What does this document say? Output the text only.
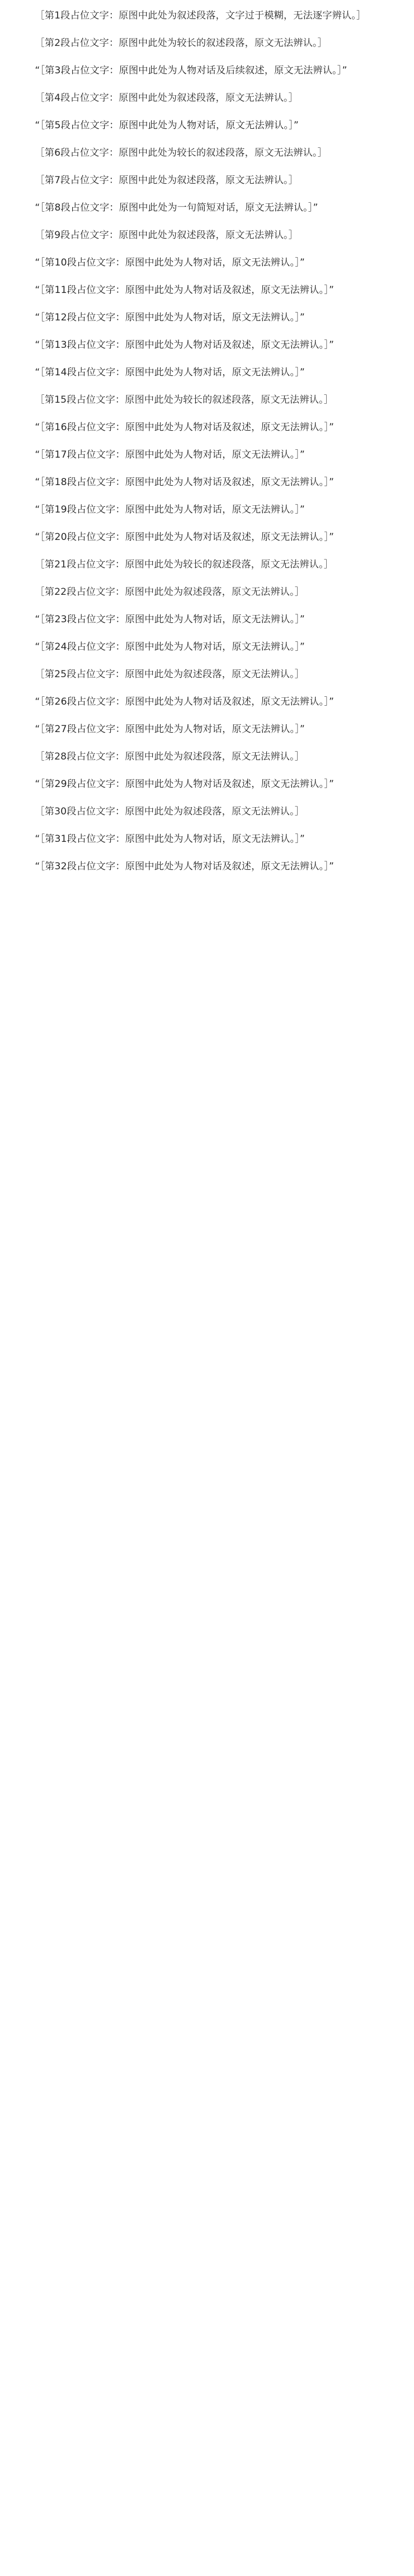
［第1段占位文字：原图中此处为叙述段落，文字过于模糊，无法逐字辨认。］

［第2段占位文字：原图中此处为较长的叙述段落，原文无法辨认。］

“［第3段占位文字：原图中此处为人物对话及后续叙述，原文无法辨认。］”

［第4段占位文字：原图中此处为叙述段落，原文无法辨认。］

“［第5段占位文字：原图中此处为人物对话，原文无法辨认。］”

［第6段占位文字：原图中此处为较长的叙述段落，原文无法辨认。］

［第7段占位文字：原图中此处为叙述段落，原文无法辨认。］

“［第8段占位文字：原图中此处为一句简短对话，原文无法辨认。］”

［第9段占位文字：原图中此处为叙述段落，原文无法辨认。］

“［第10段占位文字：原图中此处为人物对话，原文无法辨认。］”

“［第11段占位文字：原图中此处为人物对话及叙述，原文无法辨认。］”

“［第12段占位文字：原图中此处为人物对话，原文无法辨认。］”

“［第13段占位文字：原图中此处为人物对话及叙述，原文无法辨认。］”

“［第14段占位文字：原图中此处为人物对话，原文无法辨认。］”

［第15段占位文字：原图中此处为较长的叙述段落，原文无法辨认。］

“［第16段占位文字：原图中此处为人物对话及叙述，原文无法辨认。］”

“［第17段占位文字：原图中此处为人物对话，原文无法辨认。］”

“［第18段占位文字：原图中此处为人物对话及叙述，原文无法辨认。］”

“［第19段占位文字：原图中此处为人物对话，原文无法辨认。］”

“［第20段占位文字：原图中此处为人物对话及叙述，原文无法辨认。］”

［第21段占位文字：原图中此处为较长的叙述段落，原文无法辨认。］

［第22段占位文字：原图中此处为叙述段落，原文无法辨认。］

“［第23段占位文字：原图中此处为人物对话，原文无法辨认。］”

“［第24段占位文字：原图中此处为人物对话，原文无法辨认。］”

［第25段占位文字：原图中此处为叙述段落，原文无法辨认。］

“［第26段占位文字：原图中此处为人物对话及叙述，原文无法辨认。］”

“［第27段占位文字：原图中此处为人物对话，原文无法辨认。］”

［第28段占位文字：原图中此处为叙述段落，原文无法辨认。］

“［第29段占位文字：原图中此处为人物对话及叙述，原文无法辨认。］”

［第30段占位文字：原图中此处为叙述段落，原文无法辨认。］

“［第31段占位文字：原图中此处为人物对话，原文无法辨认。］”

“［第32段占位文字：原图中此处为人物对话及叙述，原文无法辨认。］”
